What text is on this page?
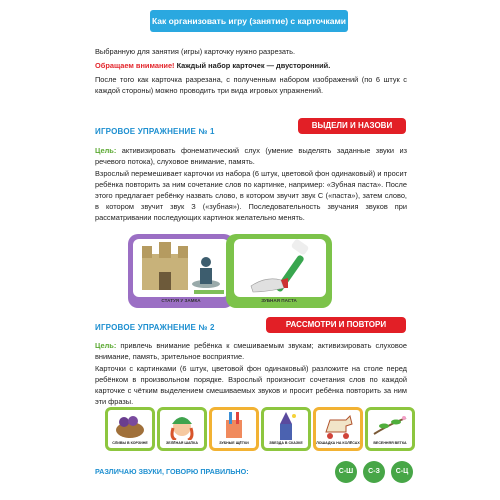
Как организовать игру (занятие) с карточками
Выбранную для занятия (игры) карточку нужно разрезать.
Обращаем внимание! Каждый набор карточек — двусторонний.
После того как карточка разрезана, с полученным набором изображений (по 6 штук с каждой стороны) можно проводить три вида игровых упражнений.
ИГРОВОЕ УПРАЖНЕНИЕ № 1
ВЫДЕЛИ И НАЗОВИ
Цель: активизировать фонематический слух (умение выделять заданные звуки из речевого потока), слуховое внимание, память.
Взрослый перемешивает карточки из набора (6 штук, цветовой фон одинаковый) и просит ребёнка повторить за ним сочетание слов по картинке, например: «Зубная паста». После этого предлагает ребёнку назвать слово, в котором звучит звук С («паста»), затем слово, в котором звучит звук З («зубная»). Последовательность звучания звуков при рассматривании последующих картинок желательно менять.
СТАТУЯ У ЗАМКА	ЗУБНАЯ ПАСТА
ИГРОВОЕ УПРАЖНЕНИЕ № 2	РАССМОТРИ И ПОВТОРИ
Цель: привлечь внимание ребёнка к смешиваемым звукам; активизировать слуховое внимание, память, зрительное восприятие.
Карточки с картинками (6 штук, цветовой фон одинаковый) разложите на столе перед ребёнком в произвольном порядке. Взрослый произносит сочетания слов по каждой карточке с чётким выделением смешиваемых звуков и просит ребёнка повторить за ним эти фразы.
СЛИВЫ В КОРЗИНЕ	ЗЕЛЁНАЯ ШАПКА	ЗУБНЫЕ ЩЁТКИ	ЗВЕЗДА В СКАЗКЕ	ЛОШАДКА НА КОЛЁСАХ	ВЕСЕННЯЯ ВЕТКА
РАЗЛИЧАЮ ЗВУКИ, ГОВОРЮ ПРАВИЛЬНО:	С-Ш	С-З	С-Ц
